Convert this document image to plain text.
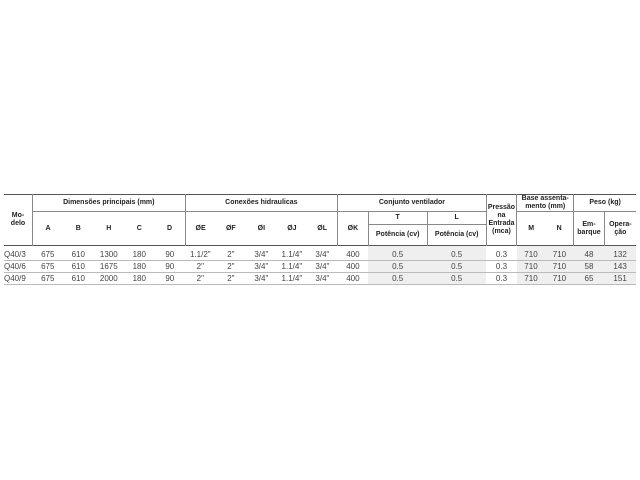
Mo-
delo	Dimensões principais (mm)					Conexões hidraulicas					Conjunto ventilador			Pressão
na
Entrada
(mca)	Base assenta-
mento (mm)		Peso (kg)	
	A	B	H	C	D	ØE	ØF	ØI	ØJ	ØL	ØK	T	L		M	N	Em-
barque	Opera-
ção
												Potência (cv)	Potência (cv)					
Q40/3	675	610	1300	180	90	1.1/2"	2"	3/4"	1.1/4"	3/4"	400	0.5	0.5	0.3	710	710	48	132
Q40/6	675	610	1675	180	90	2"	2"	3/4"	1.1/4"	3/4"	400	0.5	0.5	0.3	710	710	58	143
Q40/9	675	610	2000	180	90	2"	2"	3/4"	1.1/4"	3/4"	400	0.5	0.5	0.3	710	710	65	151
